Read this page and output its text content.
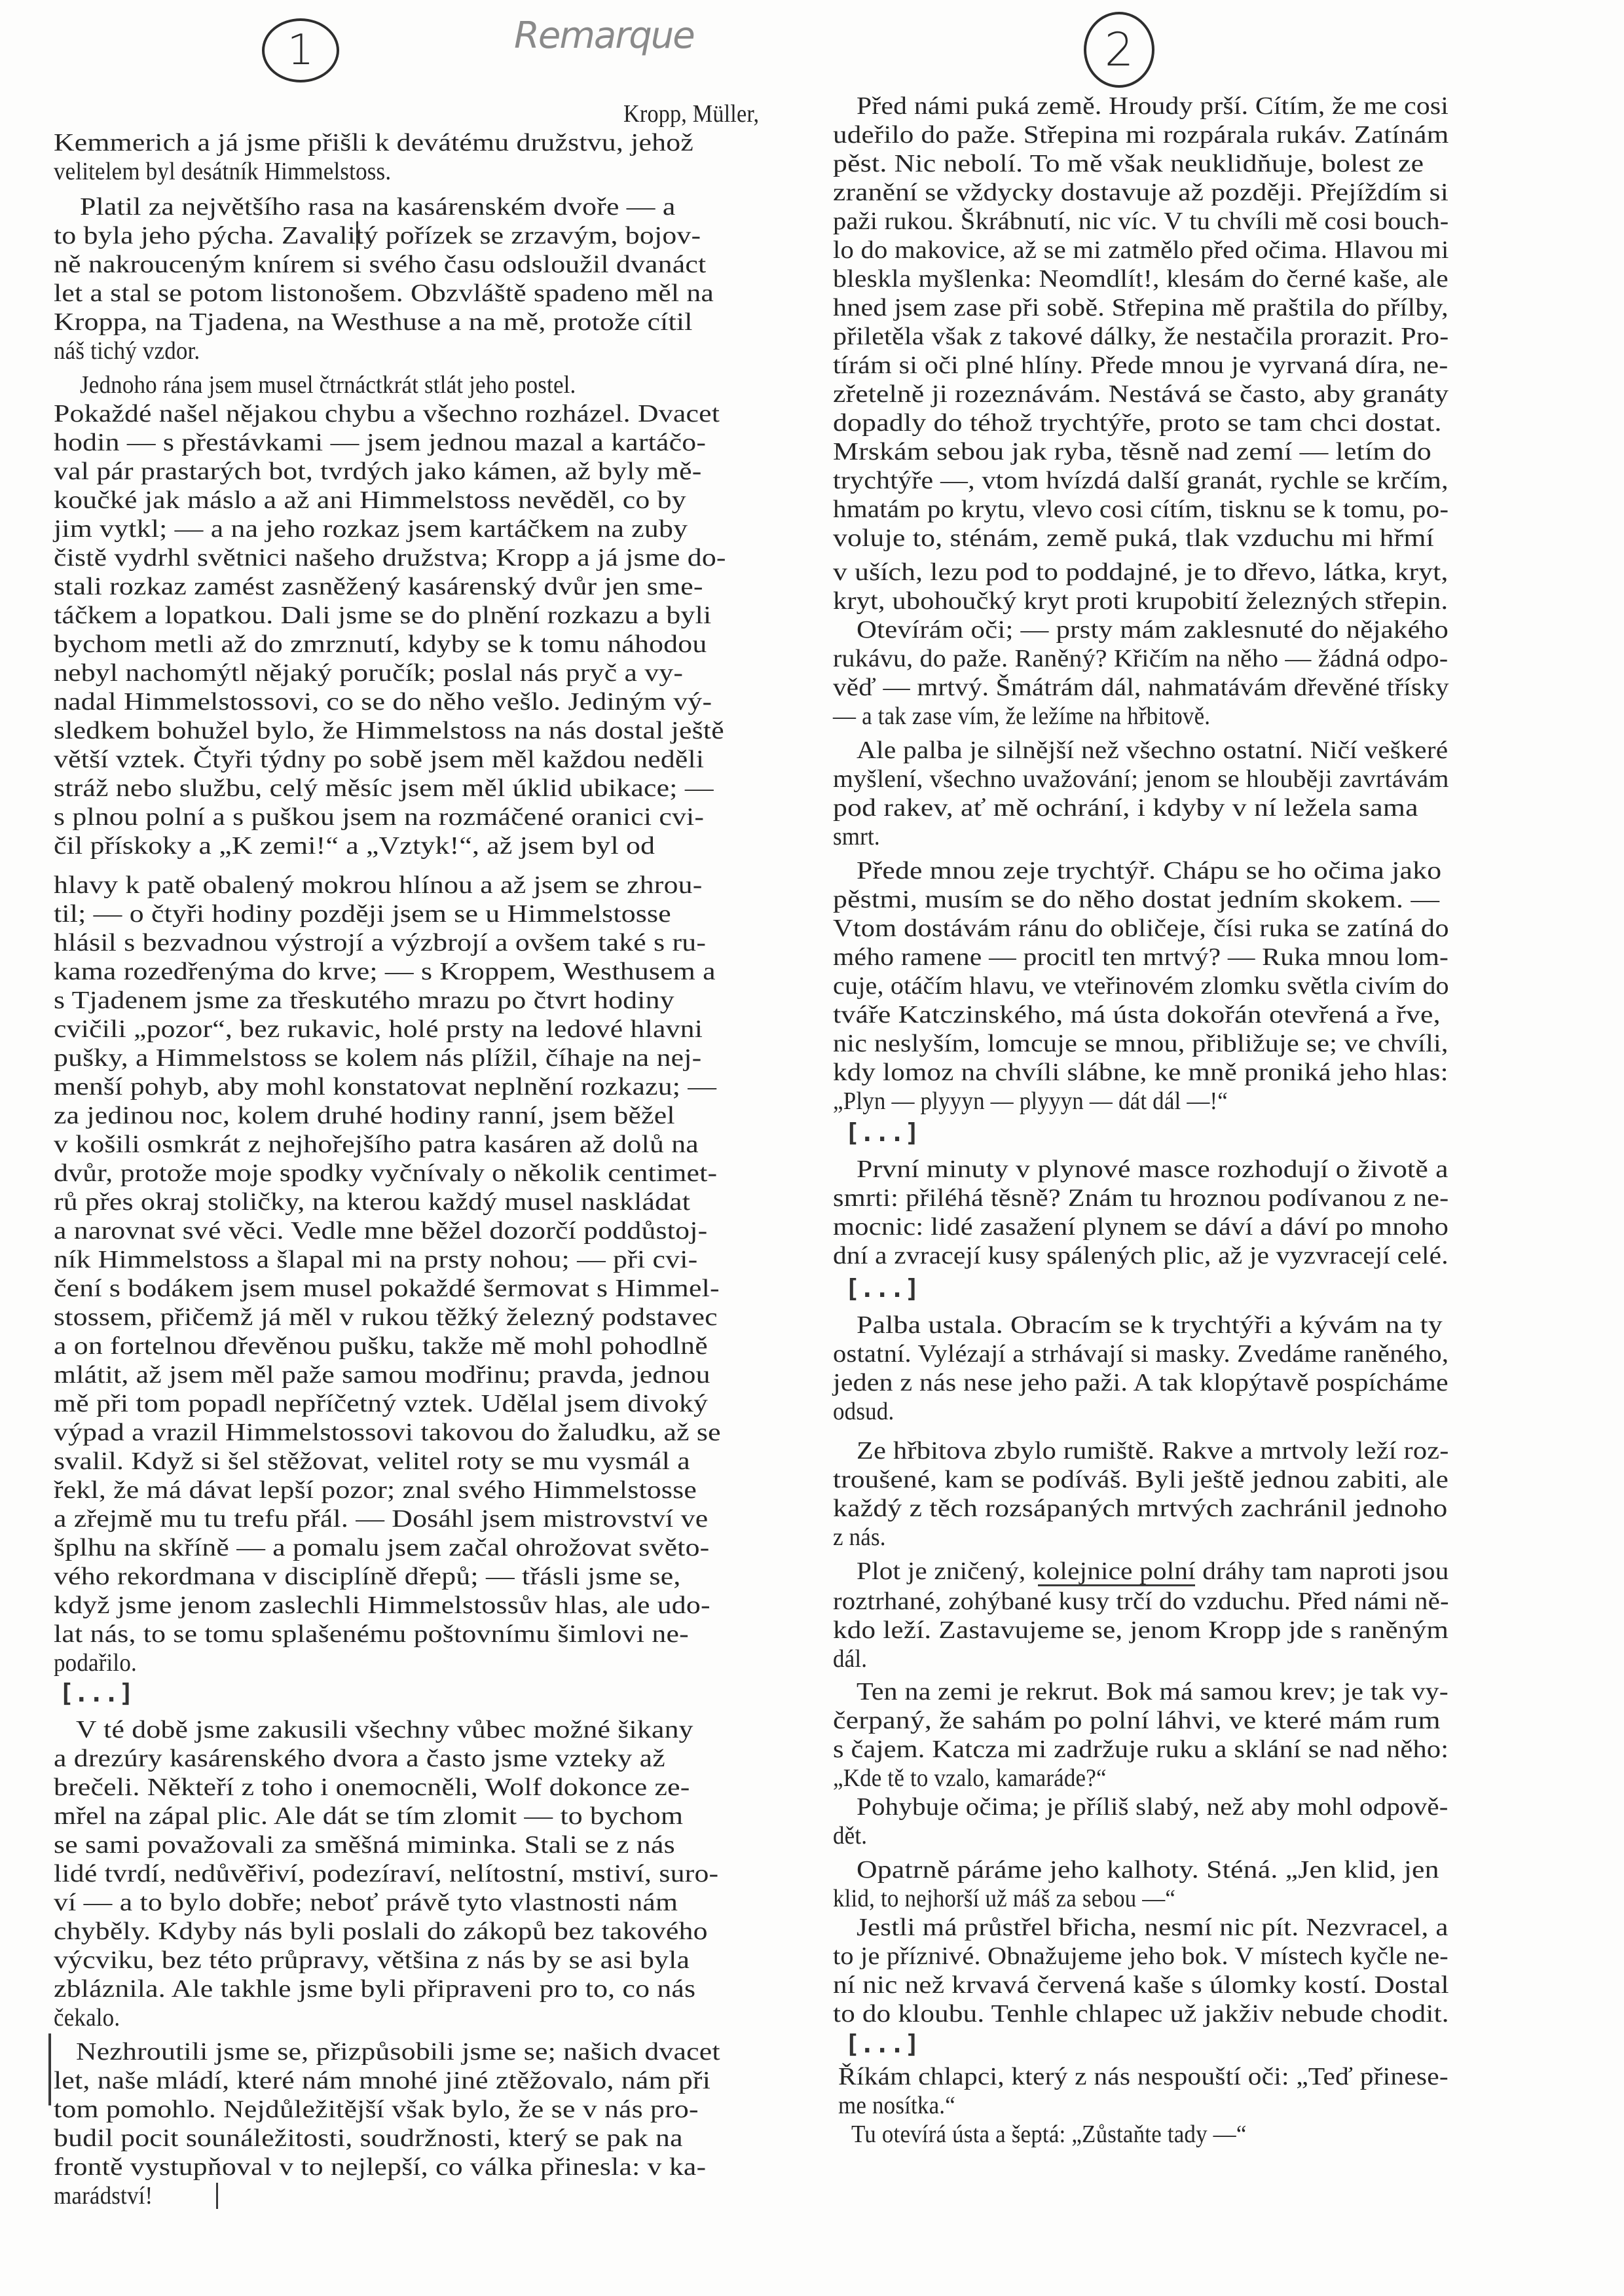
1	Remarque	2
[...]
[...]
[...]
[...]
Kropp, Müller,
Kemmerich a já jsme přišli k devátému družstvu, jehož
velitelem byl desátník Himmelstoss.
Platil za největšího rasa na kasárenském dvoře — a
to byla jeho pýcha. Zavalitý pořízek se zrzavým, bojov-
ně nakrouceným knírem si svého času odsloužil dvanáct
let a stal se potom listonošem. Obzvláště spadeno měl na
Kroppa, na Tjadena, na Westhuse a na mě, protože cítil
náš tichý vzdor.
Jednoho rána jsem musel čtrnáctkrát stlát jeho postel.
Pokaždé našel nějakou chybu a všechno rozházel. Dvacet
hodin — s přestávkami — jsem jednou mazal a kartáčo-
val pár prastarých bot, tvrdých jako kámen, až byly mě-
koučké jak máslo a až ani Himmelstoss nevěděl, co by
jim vytkl; — a na jeho rozkaz jsem kartáčkem na zuby
čistě vydrhl světnici našeho družstva; Kropp a já jsme do-
stali rozkaz zamést zasněžený kasárenský dvůr jen sme-
táčkem a lopatkou. Dali jsme se do plnění rozkazu a byli
bychom metli až do zmrznutí, kdyby se k tomu náhodou
nebyl nachomýtl nějaký poručík; poslal nás pryč a vy-
nadal Himmelstossovi, co se do něho vešlo. Jediným vý-
sledkem bohužel bylo, že Himmelstoss na nás dostal ještě
větší vztek. Čtyři týdny po sobě jsem měl každou neděli
stráž nebo službu, celý měsíc jsem měl úklid ubikace; —
s plnou polní a s puškou jsem na rozmáčené oranici cvi-
čil přískoky a „K zemi!“ a „Vztyk!“, až jsem byl od
hlavy k patě obalený mokrou hlínou a až jsem se zhrou-
til; — o čtyři hodiny později jsem se u Himmelstosse
hlásil s bezvadnou výstrojí a výzbrojí a ovšem také s ru-
kama rozedřenýma do krve; — s Kroppem, Westhusem a
s Tjadenem jsme za třeskutého mrazu po čtvrt hodiny
cvičili „pozor“, bez rukavic, holé prsty na ledové hlavni
pušky, a Himmelstoss se kolem nás plížil, číhaje na nej-
menší pohyb, aby mohl konstatovat neplnění rozkazu; —
za jedinou noc, kolem druhé hodiny ranní, jsem běžel
v košili osmkrát z nejhořejšího patra kasáren až dolů na
dvůr, protože moje spodky vyčnívaly o několik centimet-
rů přes okraj stoličky, na kterou každý musel naskládat
a narovnat své věci. Vedle mne běžel dozorčí poddůstoj-
ník Himmelstoss a šlapal mi na prsty nohou; — při cvi-
čení s bodákem jsem musel pokaždé šermovat s Himmel-
stossem, přičemž já měl v rukou těžký železný podstavec
a on fortelnou dřevěnou pušku, takže mě mohl pohodlně
mlátit, až jsem měl paže samou modřinu; pravda, jednou
mě při tom popadl nepříčetný vztek. Udělal jsem divoký
výpad a vrazil Himmelstossovi takovou do žaludku, až se
svalil. Když si šel stěžovat, velitel roty se mu vysmál a
řekl, že má dávat lepší pozor; znal svého Himmelstosse
a zřejmě mu tu trefu přál. — Dosáhl jsem mistrovství ve
šplhu na skříně — a pomalu jsem začal ohrožovat světo-
vého rekordmana v disciplíně dřepů; — třásli jsme se,
když jsme jenom zaslechli Himmelstossův hlas, ale udo-
lat nás, to se tomu splašenému poštovnímu šimlovi ne-
podařilo.
V té době jsme zakusili všechny vůbec možné šikany
a drezúry kasárenského dvora a často jsme vzteky až
brečeli. Někteří z toho i onemocněli, Wolf dokonce ze-
mřel na zápal plic. Ale dát se tím zlomit — to bychom
se sami považovali za směšná miminka. Stali se z nás
lidé tvrdí, nedůvěřiví, podezíraví, nelítostní, mstiví, suro-
ví — a to bylo dobře; neboť právě tyto vlastnosti nám
chyběly. Kdyby nás byli poslali do zákopů bez takového
výcviku, bez této průpravy, většina z nás by se asi byla
zbláznila. Ale takhle jsme byli připraveni pro to, co nás
čekalo.
Nezhroutili jsme se, přizpůsobili jsme se; našich dvacet
let, naše mládí, které nám mnohé jiné ztěžovalo, nám při
tom pomohlo. Nejdůležitější však bylo, že se v nás pro-
budil pocit sounáležitosti, soudržnosti, který se pak na
frontě vystupňoval v to nejlepší, co válka přinesla: v ka-
marádství!
Před námi puká země. Hroudy prší. Cítím, že me cosi
udeřilo do paže. Střepina mi rozpárala rukáv. Zatínám
pěst. Nic nebolí. To mě však neuklidňuje, bolest ze
zranění se vždycky dostavuje až později. Přejíždím si
paži rukou. Škrábnutí, nic víc. V tu chvíli mě cosi bouch-
lo do makovice, až se mi zatmělo před očima. Hlavou mi
bleskla myšlenka: Neomdlít!, klesám do černé kaše, ale
hned jsem zase při sobě. Střepina mě praštila do přílby,
přiletěla však z takové dálky, že nestačila prorazit. Pro-
tírám si oči plné hlíny. Přede mnou je vyrvaná díra, ne-
zřetelně ji rozeznávám. Nestává se často, aby granáty
dopadly do téhož trychtýře, proto se tam chci dostat.
Mrskám sebou jak ryba, těsně nad zemí — letím do
trychtýře —, vtom hvízdá další granát, rychle se krčím,
hmatám po krytu, vlevo cosi cítím, tisknu se k tomu, po-
voluje to, sténám, země puká, tlak vzduchu mi hřmí
v uších, lezu pod to poddajné, je to dřevo, látka, kryt,
kryt, ubohoučký kryt proti krupobití železných střepin.
Otevírám oči; — prsty mám zaklesnuté do nějakého
rukávu, do paže. Raněný? Křičím na něho — žádná odpo-
věď — mrtvý. Šmátrám dál, nahmatávám dřevěné třísky
— a tak zase vím, že ležíme na hřbitově.
Ale palba je silnější než všechno ostatní. Ničí veškeré
myšlení, všechno uvažování; jenom se hlouběji zavrtávám
pod rakev, ať mě ochrání, i kdyby v ní ležela sama
smrt.
Přede mnou zeje trychtýř. Chápu se ho očima jako
pěstmi, musím se do něho dostat jedním skokem. —
Vtom dostávám ránu do obličeje, čísi ruka se zatíná do
mého ramene — procitl ten mrtvý? — Ruka mnou lom-
cuje, otáčím hlavu, ve vteřinovém zlomku světla civím do
tváře Katczinského, má ústa dokořán otevřená a řve,
nic neslyším, lomcuje se mnou, přibližuje se; ve chvíli,
kdy lomoz na chvíli slábne, ke mně proniká jeho hlas:
„Plyn — plyyyn — plyyyn — dát dál —!“
První minuty v plynové masce rozhodují o životě a
smrti: přiléhá těsně? Znám tu hroznou podívanou z ne-
mocnic: lidé zasažení plynem se dáví a dáví po mnoho
dní a zvracejí kusy spálených plic, až je vyzvracejí celé.
Palba ustala. Obracím se k trychtýři a kývám na ty
ostatní. Vylézají a strhávají si masky. Zvedáme raněného,
jeden z nás nese jeho paži. A tak klopýtavě pospícháme
odsud.
Ze hřbitova zbylo rumiště. Rakve a mrtvoly leží roz-
troušené, kam se podíváš. Byli ještě jednou zabiti, ale
každý z těch rozsápaných mrtvých zachránil jednoho
z nás.
Plot je zničený, kolejnice polní dráhy tam naproti jsou
roztrhané, zohýbané kusy trčí do vzduchu. Před námi ně-
kdo leží. Zastavujeme se, jenom Kropp jde s raněným
dál.
Ten na zemi je rekrut. Bok má samou krev; je tak vy-
čerpaný, že sahám po polní láhvi, ve které mám rum
s čajem. Katcza mi zadržuje ruku a sklání se nad něho:
„Kde tě to vzalo, kamaráde?“
Pohybuje očima; je příliš slabý, než aby mohl odpově-
dět.
Opatrně páráme jeho kalhoty. Sténá. „Jen klid, jen
klid, to nejhorší už máš za sebou —“
Jestli má průstřel břicha, nesmí nic pít. Nezvracel, a
to je příznivé. Obnažujeme jeho bok. V místech kyčle ne-
ní nic než krvavá červená kaše s úlomky kostí. Dostal
to do kloubu. Tenhle chlapec už jakživ nebude chodit.
Říkám chlapci, který z nás nespouští oči: „Teď přinese-
me nosítka.“
Tu otevírá ústa a šeptá: „Zůstaňte tady —“
